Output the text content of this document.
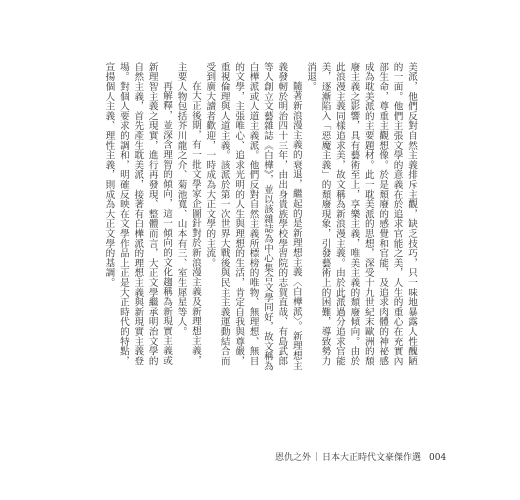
美派，他們反對自然主義排斥主觀，缺乏技巧，只一味地暴露人性醜陋的一面。他們主張文學的意義在於追求官能之美，人生的重心在充實內部生命，尊重主觀想像。於是頹廢的感覺和官能，及追求肉體的神祕感成為耽美派的主要題材。此一耽美派的思想，深受十九世紀末歐洲的頹廢主義之影響，具有藝術至上，享樂主義，唯美主義的頹廢傾向。由於此浪漫主義同樣追求美，故文稱為新浪漫主義。由於此派過分追求官能美，逐漸陷入「惡魔主義」的頹廢現象，引發藝術上的困難，導致勢力消退。

隨著新浪漫主義的衰退，繼起的是新理想主義〈白樺派〉。新理想主義發軔於明治四十三年，由出身貴族學校學習院的志賀直哉、有島武郎等人創立文藝雜誌《白樺》，並以該雜誌為中心集合文學同好，故文稱為白樺派或人道主義派。他們反對自然主義所標榜的唯物、無理想、無目的文學，主張唯心、追求光明的人生與理想的生活，肯定自我與尊嚴，重視倫理與人道主義。該派於第一次世界大戰後與民主主義運動結合而受到廣大讀者歡迎，一時成為大正文學的主流。

在大正後期，有一批文學家企圖針對於新浪漫主義及新理想主義，主要人物包括芥川龍之介、菊池寬、山本有三、室生犀星等人。

再解釋，並深含理智的傾向，這一傾向的文化趨稱為新現實主義或新理智主義之現實，進行再發現、整體而言，大正文學繼承明治文學的自然主義，首先產生耽美派，接著有白樺派的理想主義與新現實主義登場。對個人要求的調和，明確反映在文學作品上正是大正時代的特點，宣揚個人主義、理性主義，則成為大正文學的基調。

恩仇之外｜日本大正時代文豪傑作選 004
